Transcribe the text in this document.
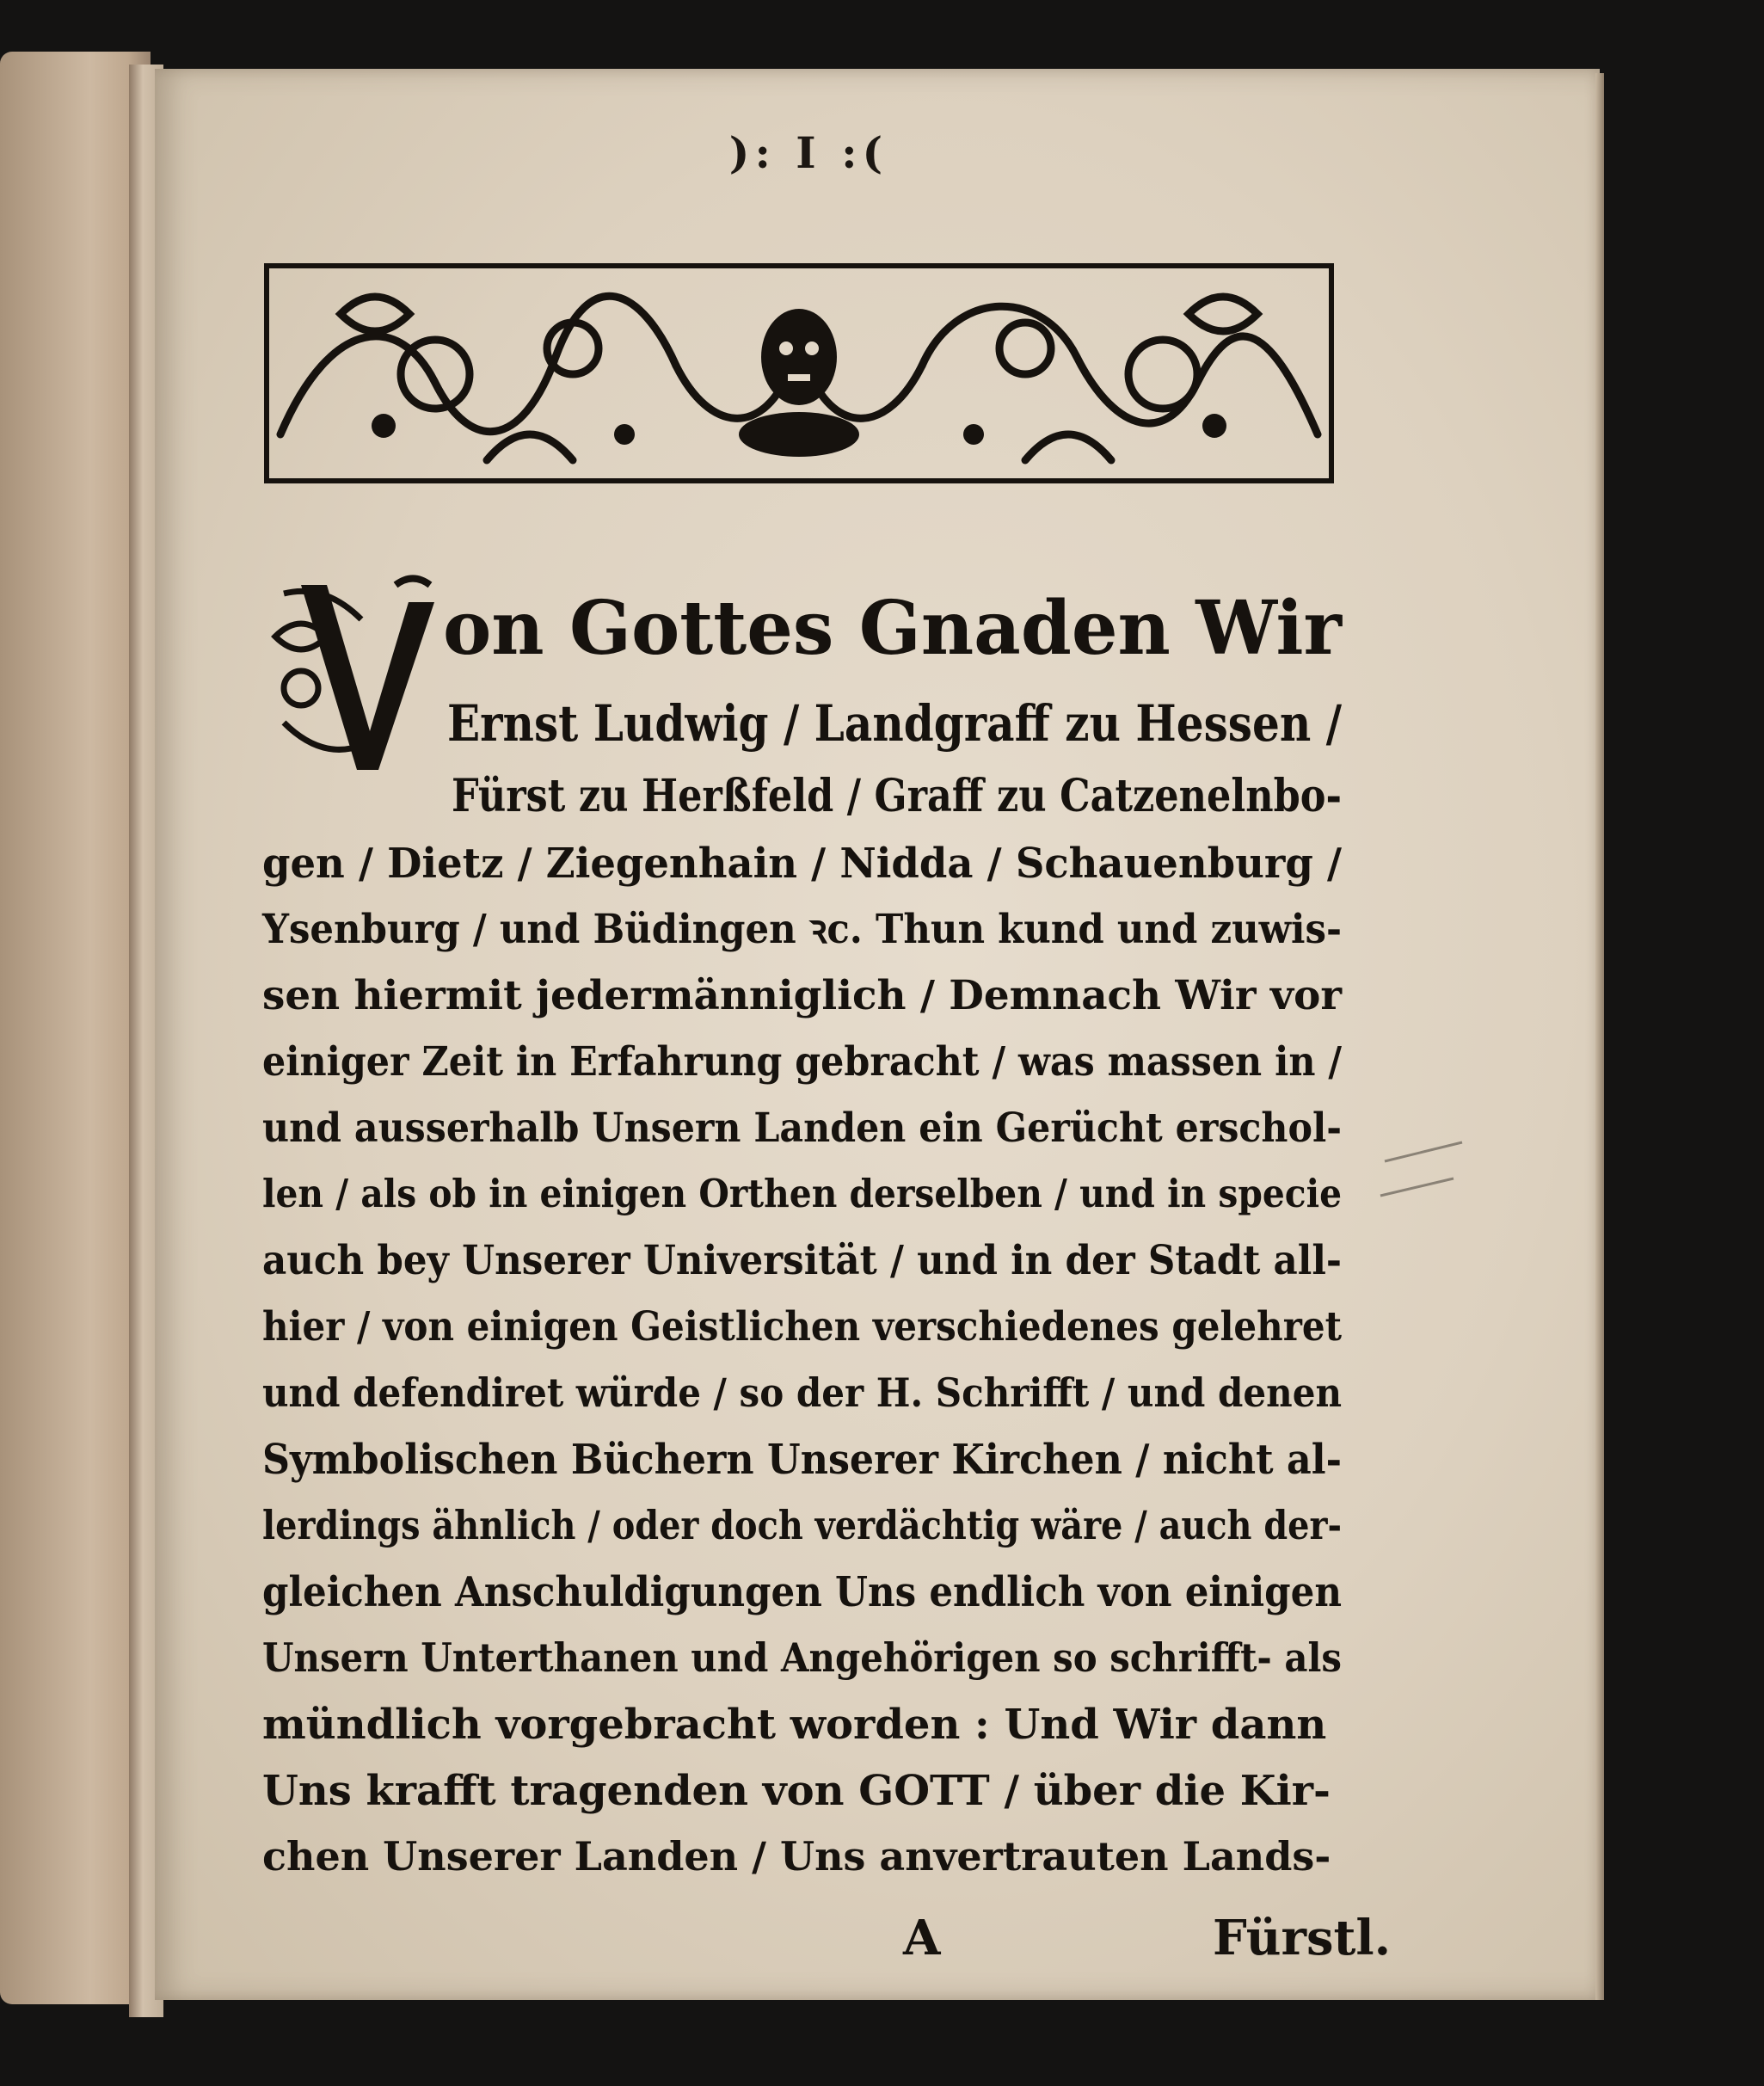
): I :(
on Gottes Gnaden Wir
Ernst Ludwig / Landgraff zu Hessen /
Fürst zu Herßfeld / Graff zu Catzenelnbo-
gen / Dietz / Ziegenhain / Nidda / Schauenburg /
Ysenburg / und Büdingen ꝛc. Thun kund und zuwis-
sen hiermit jedermänniglich / Demnach Wir vor
einiger Zeit in Erfahrung gebracht / was massen in /
und ausserhalb Unsern Landen ein Gerücht erschol-
len / als ob in einigen Orthen derselben / und in specie
auch bey Unserer Universität / und in der Stadt all-
hier / von einigen Geistlichen verschiedenes gelehret
und defendiret würde / so der H. Schrifft / und denen
Symbolischen Büchern Unserer Kirchen / nicht al-
lerdings ähnlich / oder doch verdächtig wäre / auch der-
gleichen Anschuldigungen Uns endlich von einigen
Unsern Unterthanen und Angehörigen so schrifft- als
mündlich vorgebracht worden : Und Wir dann
Uns krafft tragenden von GOTT / über die Kir-
chen Unserer Landen / Uns anvertrauten Lands-
A	Fürstl.
